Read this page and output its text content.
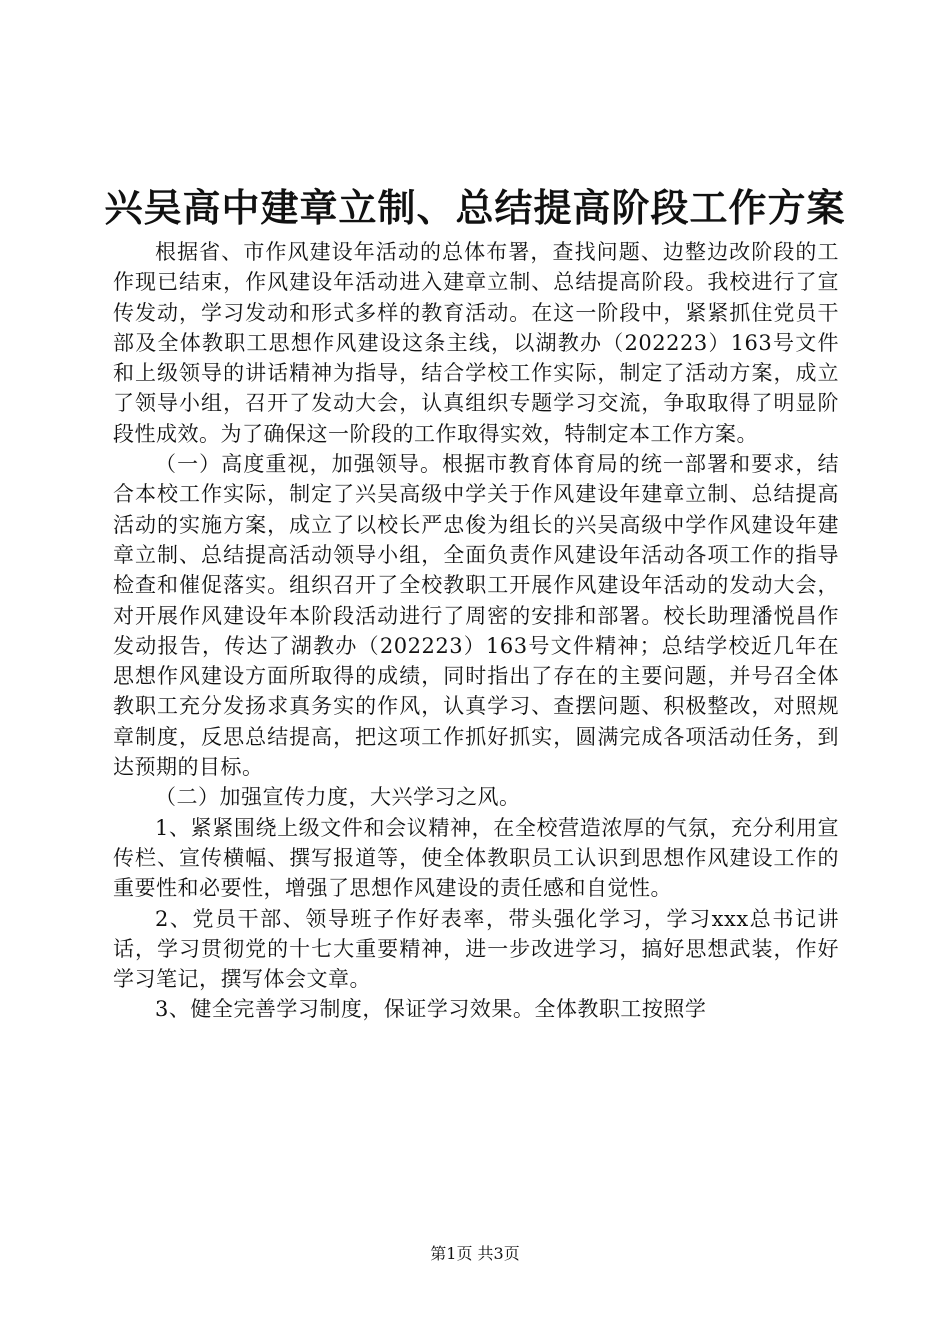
兴吴高中建章立制、总结提高阶段工作方案

根据省、市作风建设年活动的总体布署，查找问题、边整边改阶段的工作现已结束，作风建设年活动进入建章立制、总结提高阶段。我校进行了宣传发动，学习发动和形式多样的教育活动。在这一阶段中，紧紧抓住党员干部及全体教职工思想作风建设这条主线，以湖教办（202223）163号文件和上级领导的讲话精神为指导，结合学校工作实际，制定了活动方案，成立了领导小组，召开了发动大会，认真组织专题学习交流，争取取得了明显阶段性成效。为了确保这一阶段的工作取得实效，特制定本工作方案。

（一）高度重视，加强领导。根据市教育体育局的统一部署和要求，结合本校工作实际，制定了兴吴高级中学关于作风建设年建章立制、总结提高活动的实施方案，成立了以校长严忠俊为组长的兴吴高级中学作风建设年建章立制、总结提高活动领导小组，全面负责作风建设年活动各项工作的指导检查和催促落实。组织召开了全校教职工开展作风建设年活动的发动大会，对开展作风建设年本阶段活动进行了周密的安排和部署。校长助理潘悦昌作发动报告，传达了湖教办（202223）163号文件精神；总结学校近几年在思想作风建设方面所取得的成绩，同时指出了存在的主要问题，并号召全体教职工充分发扬求真务实的作风，认真学习、查摆问题、积极整改，对照规章制度，反思总结提高，把这项工作抓好抓实，圆满完成各项活动任务，到达预期的目标。

（二）加强宣传力度，大兴学习之风。

1、紧紧围绕上级文件和会议精神，在全校营造浓厚的气氛，充分利用宣传栏、宣传横幅、撰写报道等，使全体教职员工认识到思想作风建设工作的重要性和必要性，增强了思想作风建设的责任感和自觉性。

2、党员干部、领导班子作好表率，带头强化学习，学习xxx总书记讲话，学习贯彻党的十七大重要精神，进一步改进学习，搞好思想武装，作好学习笔记，撰写体会文章。

3、健全完善学习制度，保证学习效果。全体教职工按照学

第1页 共3页
